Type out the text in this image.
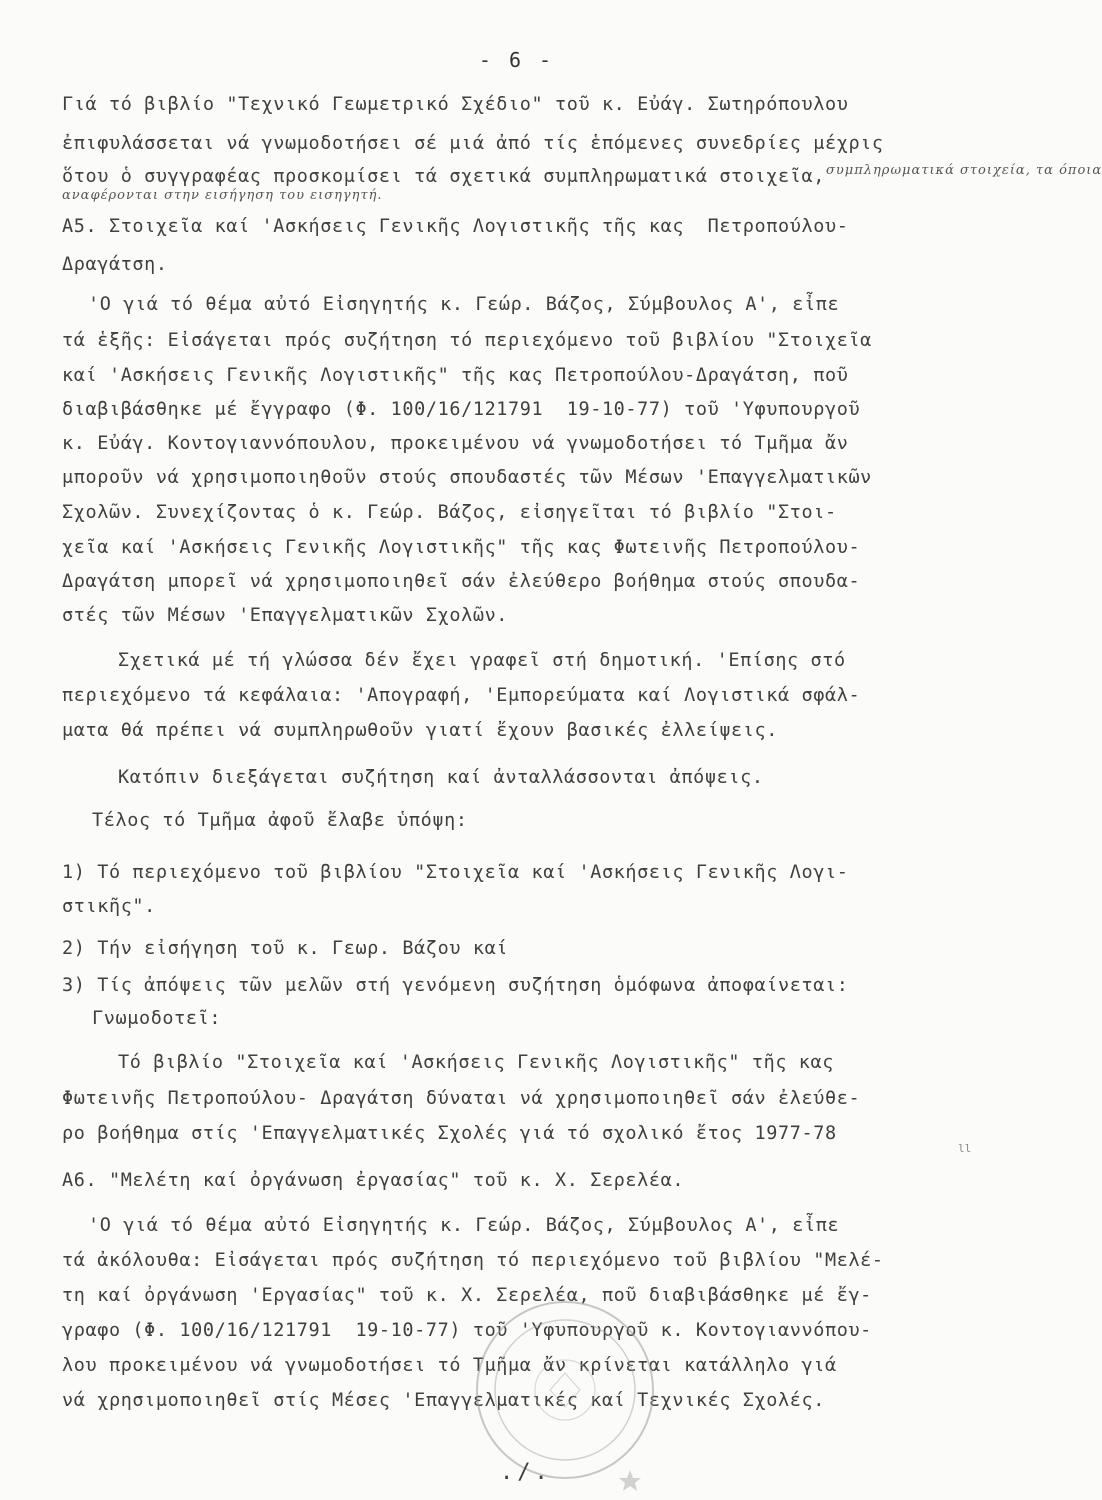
- 6 -
Γιά τό βιβλίο "Τεχνικό Γεωμετρικό Σχέδιο" τοῦ κ. Εὐάγ. Σωτηρόπουλου
ἐπιφυλάσσεται νά γνωμοδοτήσει σέ μιά ἀπό τίς ἑπόμενες συνεδρίες μέχρις
ὅτου ὁ συγγραφέας προσκομίσει τά σχετικά συμπληρωματικά στοιχεῖα, συμπληρωματικά στοιχεία, τα όποια
αναφέρονται στην εισήγηση του εισηγητή.
Α5. Στοιχεῖα καί 'Ασκήσεις Γενικῆς Λογιστικῆς τῆς κας  Πετροπούλου-
Δραγάτση.
'Ο γιά τό θέμα αὐτό Εἰσηγητής κ. Γεώρ. Βάζος, Σύμβουλος Α', εἶπε
τά ἑξῆς: Εἰσάγεται πρός συζήτηση τό περιεχόμενο τοῦ βιβλίου "Στοιχεῖα
καί 'Ασκήσεις Γενικῆς Λογιστικῆς" τῆς κας Πετροπούλου-Δραγάτση, ποῦ
διαβιβάσθηκε μέ ἔγγραφο (Φ. 100/16/121791  19-10-77) τοῦ 'Υφυπουργοῦ
κ. Εὐάγ. Κοντογιαννόπουλου, προκειμένου νά γνωμοδοτήσει τό Τμῆμα ἄν
μποροῦν νά χρησιμοποιηθοῦν στούς σπουδαστές τῶν Μέσων 'Επαγγελματικῶν
Σχολῶν. Συνεχίζοντας ὁ κ. Γεώρ. Βάζος, εἰσηγεῖται τό βιβλίο "Στοι-
χεῖα καί 'Ασκήσεις Γενικῆς Λογιστικῆς" τῆς κας Φωτεινῆς Πετροπούλου-
Δραγάτση μπορεῖ νά χρησιμοποιηθεῖ σάν ἐλεύθερο βοήθημα στούς σπουδα-
στές τῶν Μέσων 'Επαγγελματικῶν Σχολῶν.
Σχετικά μέ τή γλώσσα δέν ἔχει γραφεῖ στή δημοτική. 'Επίσης στό
περιεχόμενο τά κεφάλαια: 'Απογραφή, 'Εμπορεύματα καί Λογιστικά σφάλ-
ματα θά πρέπει νά συμπληρωθοῦν γιατί ἔχουν βασικές ἐλλείψεις.
Κατόπιν διεξάγεται συζήτηση καί ἀνταλλάσσονται ἀπόψεις.
Τέλος τό Τμῆμα ἀφοῦ ἔλαβε ὑπόψη:
1) Τό περιεχόμενο τοῦ βιβλίου "Στοιχεῖα καί 'Ασκήσεις Γενικῆς Λογι-
στικῆς".
2) Τήν εἰσήγηση τοῦ κ. Γεωρ. Βάζου καί
3) Τίς ἀπόψεις τῶν μελῶν στή γενόμενη συζήτηση ὁμόφωνα ἀποφαίνεται:
Γνωμοδοτεῖ:
Τό βιβλίο "Στοιχεῖα καί 'Ασκήσεις Γενικῆς Λογιστικῆς" τῆς κας
Φωτεινῆς Πετροπούλου- Δραγάτση δύναται νά χρησιμοποιηθεῖ σάν ἐλεύθε-
ρο βοήθημα στίς 'Επαγγελματικές Σχολές γιά τό σχολικό ἔτος 1977-78
ll
Α6. "Μελέτη καί ὀργάνωση ἐργασίας" τοῦ κ. Χ. Σερελέα.
'Ο γιά τό θέμα αὐτό Εἰσηγητής κ. Γεώρ. Βάζος, Σύμβουλος Α', εἶπε
τά ἀκόλουθα: Εἰσάγεται πρός συζήτηση τό περιεχόμενο τοῦ βιβλίου "Μελέ-
τη καί ὀργάνωση 'Εργασίας" τοῦ κ. Χ. Σερελέα, ποῦ διαβιβάσθηκε μέ ἔγ-
γραφο (Φ. 100/16/121791  19-10-77) τοῦ 'Υφυπουργοῦ κ. Κοντογιαννόπου-
λου προκειμένου νά γνωμοδοτήσει τό Τμῆμα ἄν κρίνεται κατάλληλο γιά
νά χρησιμοποιηθεῖ στίς Μέσες 'Επαγγελματικές καί Τεχνικές Σχολές.
./.
